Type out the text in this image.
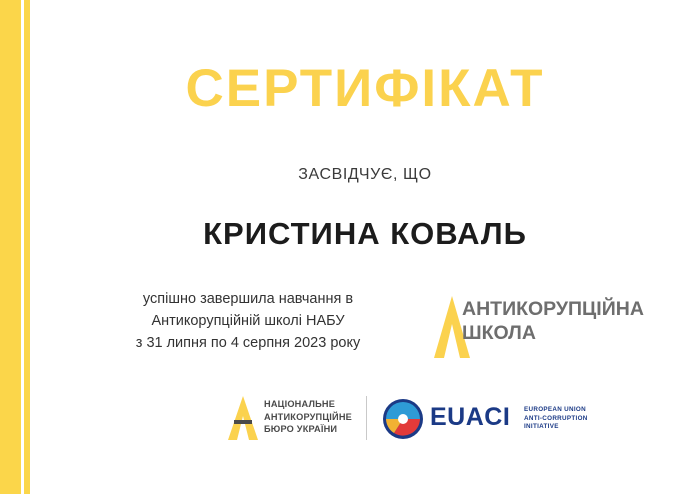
СЕРТИФІКАТ
ЗАСВІДЧУЄ, ЩО
КРИСТИНА КОВАЛЬ
успішно завершила навчання в
Антикорупційній школі НАБУ
з 31 липня по 4 серпня 2023 року
АНТИКОРУПЦІЙНА
ШКОЛА
НАЦІОНАЛЬНЕ
АНТИКОРУПЦІЙНЕ
БЮРО УКРАЇНИ	EUACI EUROPEAN UNION
ANTI-CORRUPTION
INITIATIVE
